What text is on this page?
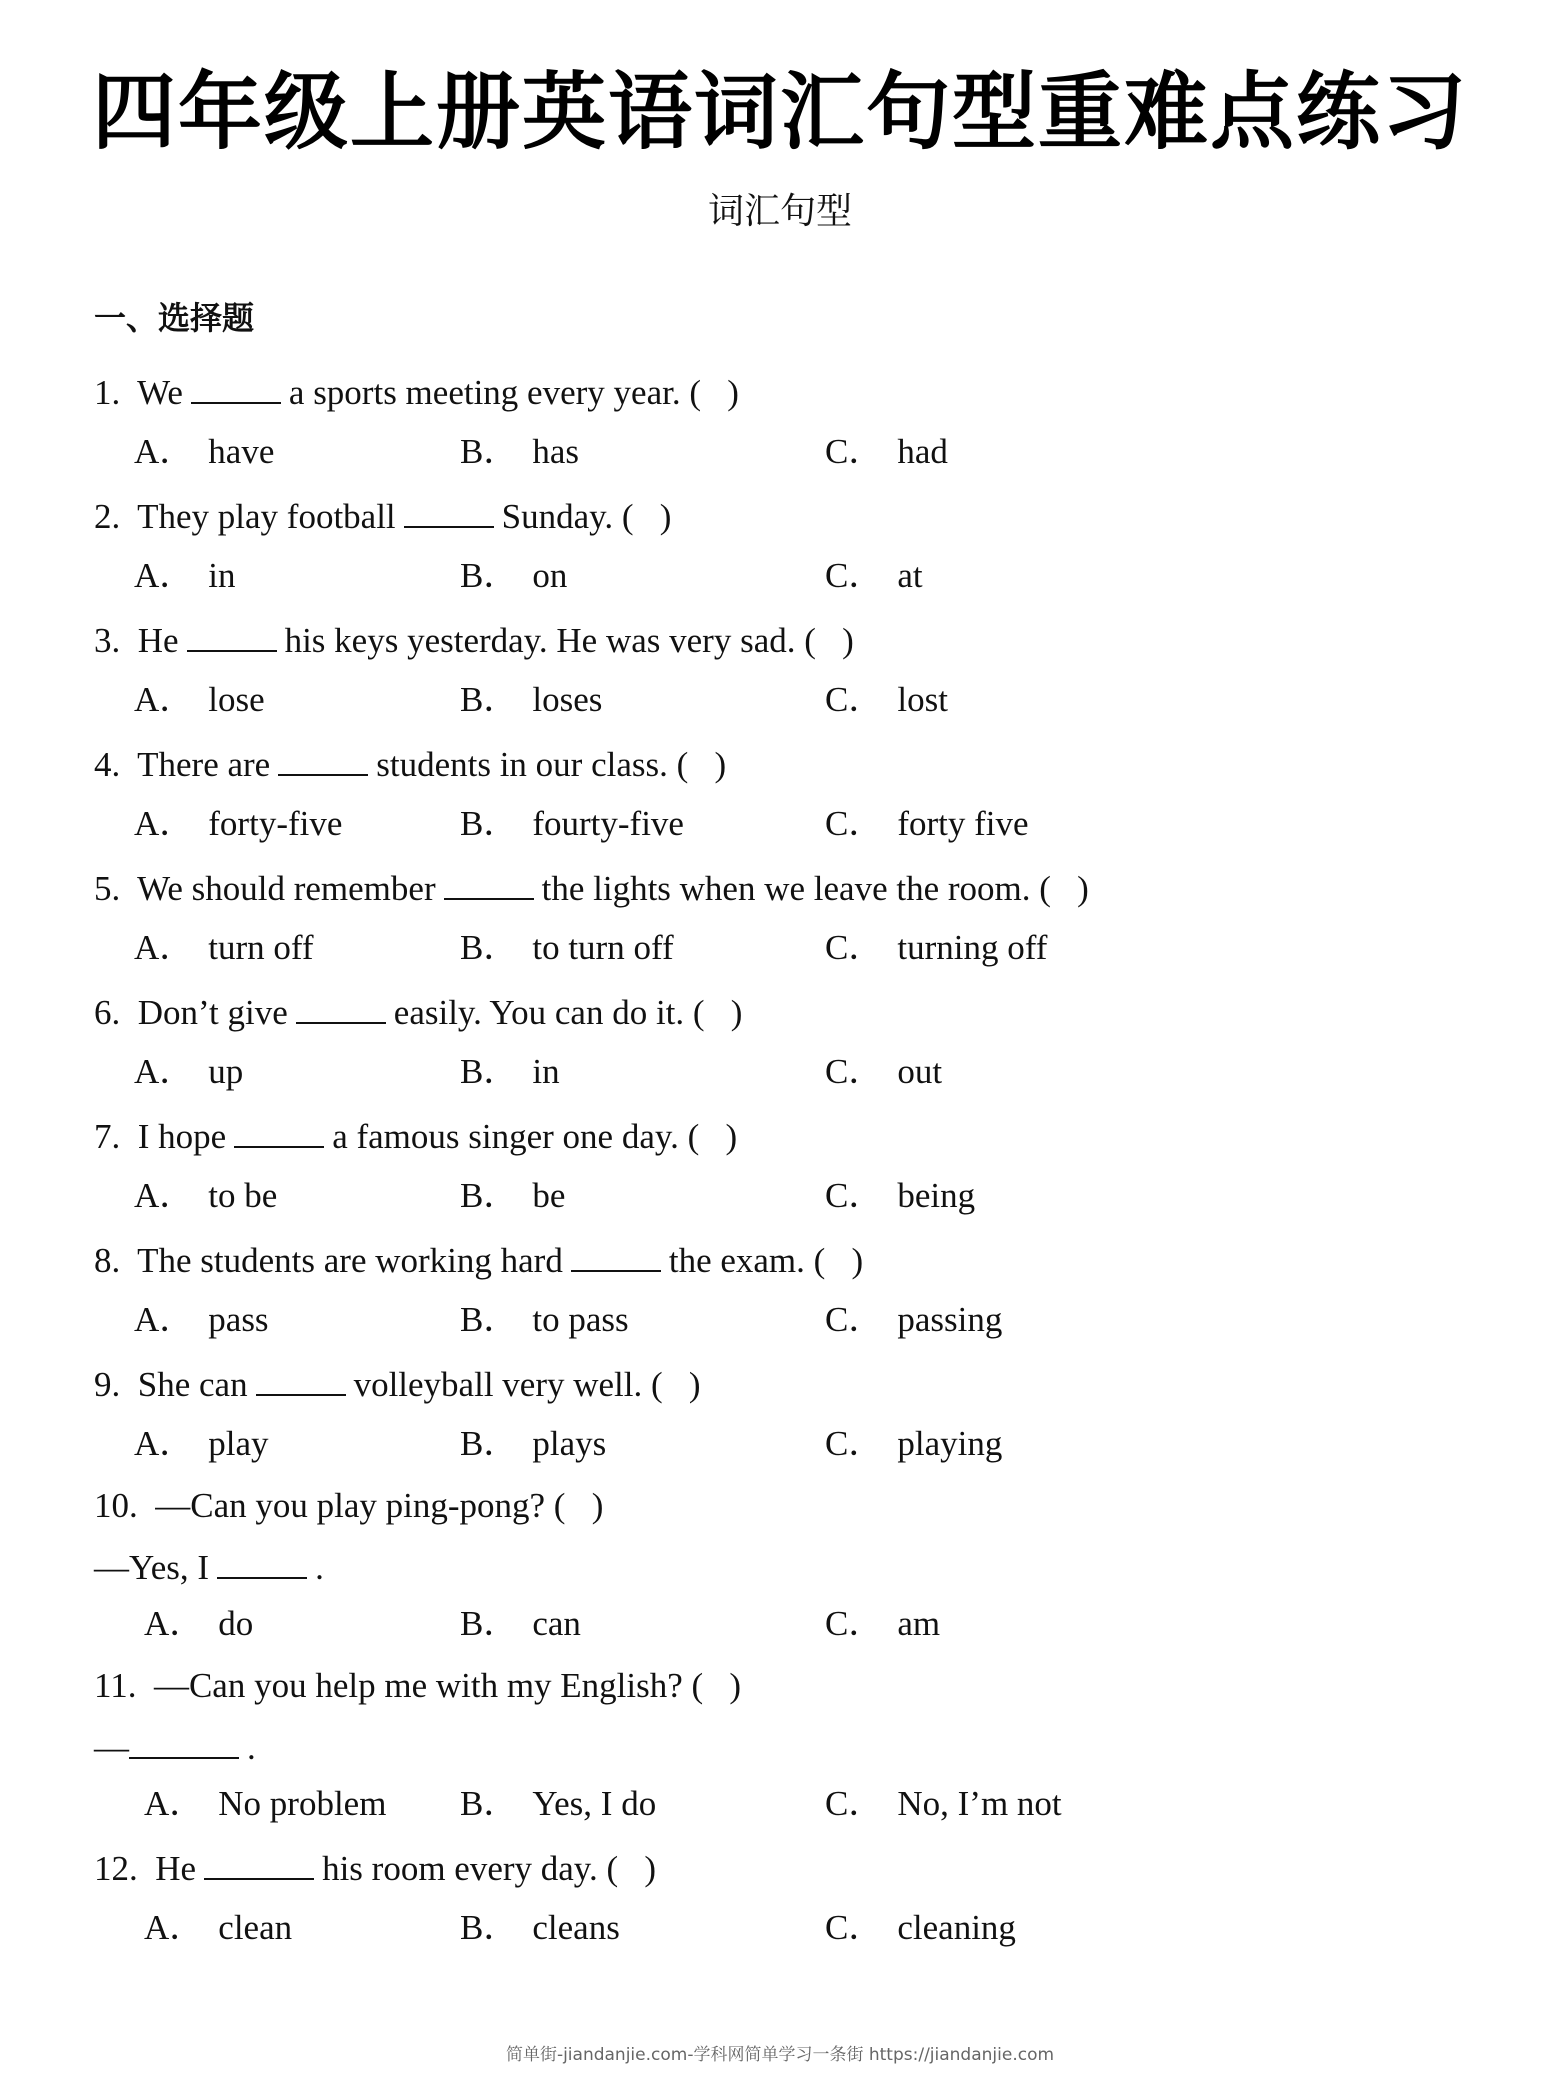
四年级上册英语词汇句型重难点练习
词汇句型
一、选择题
1. We	a sports meeting every year. (   )
A． have	B． has	C． had
2. They play football	Sunday. (   )
A． in	B． on	C． at
3. He	his keys yesterday. He was very sad. (   )
A． lose	B． loses	C． lost
4. There are	students in our class. (   )
A． forty-five	B． fourty-five	C． forty five
5. We should remember	the lights when we leave the room. (   )
A． turn off	B． to turn off	C． turning off
6. Don’t give	easily. You can do it. (   )
A． up	B． in	C． out
7. I hope	a famous singer one day. (   )
A． to be	B． be	C． being
8. The students are working hard	the exam. (   )
A． pass	B． to pass	C． passing
9. She can	volleyball very well. (   )
A． play	B． plays	C． playing
10. —Can you play ping-pong? (   )
—Yes, I	.
A． do	B． can	C． am
11. —Can you help me with my English? (   )
—	.
A． No problem B． Yes, I do	C． No, I’m not
12. He	his room every day. (   )
A． clean	B． cleans	C． cleaning
简单街-jiandanjie.com-学科网简单学习一条街 https://jiandanjie.com
